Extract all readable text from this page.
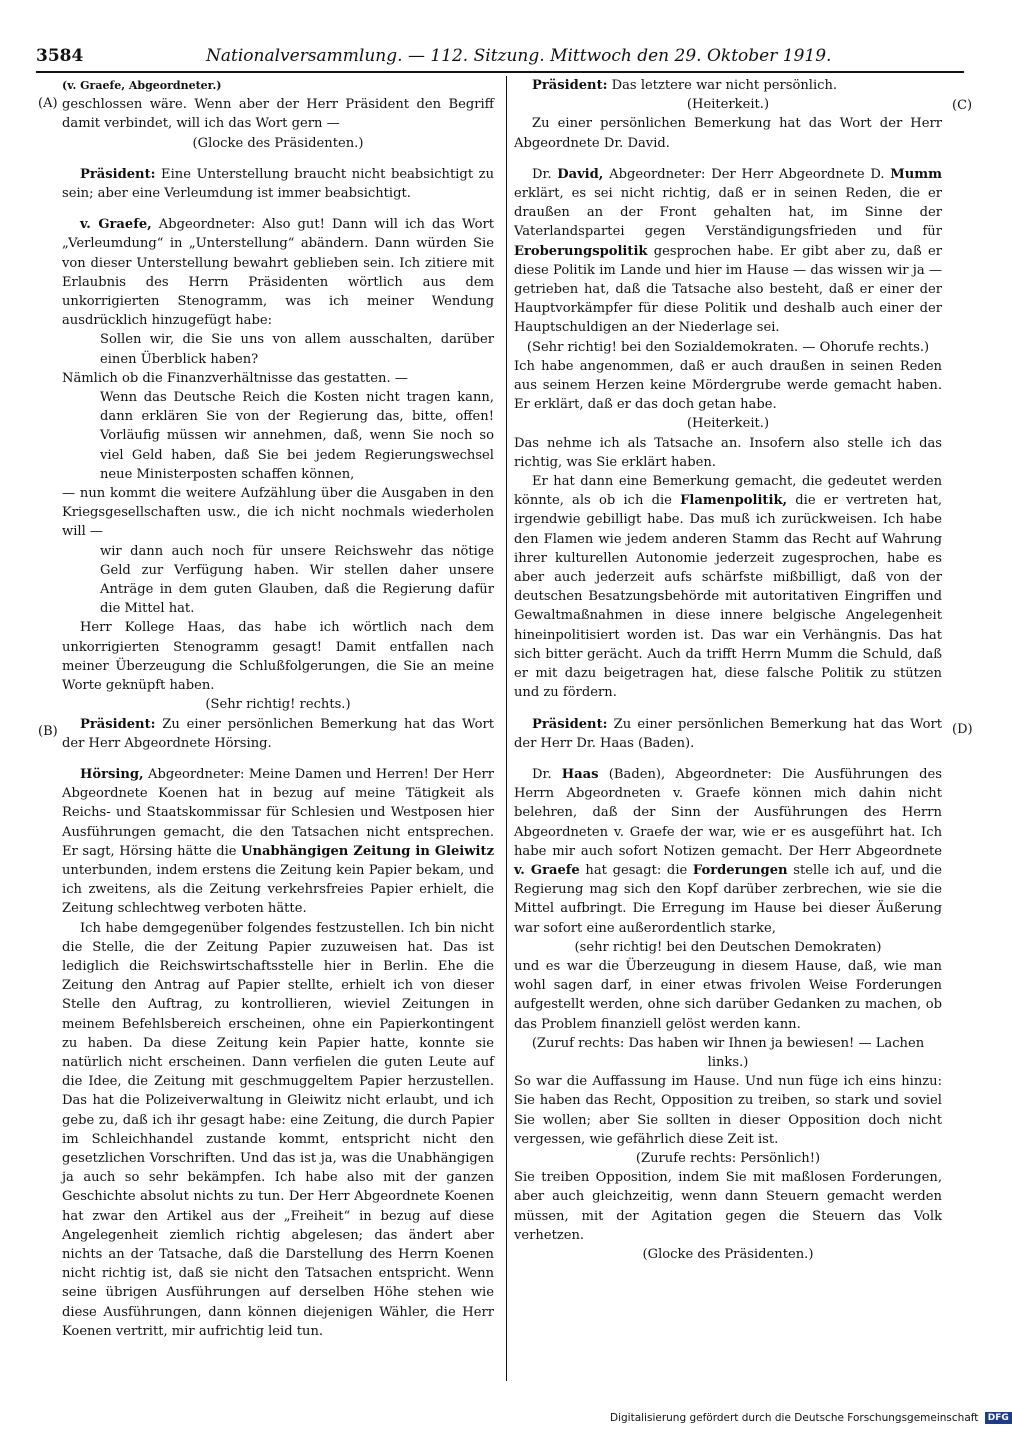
3584	Nationalversammlung. — 112. Sitzung. Mittwoch den 29. Oktober 1919.
(A)
(B)
(C)
(D)

(v. Graefe, Abgeordneter.)

geschlossen wäre. Wenn aber der Herr Präsident den Begriff damit verbindet, will ich das Wort gern —

(Glocke des Präsidenten.)

Präsident: Eine Unterstellung braucht nicht beabsichtigt zu sein; aber eine Verleumdung ist immer beabsichtigt.

v. Graefe, Abgeordneter: Also gut! Dann will ich das Wort „Verleumdung“ in „Unterstellung“ abändern. Dann würden Sie von dieser Unterstellung bewahrt geblieben sein. Ich zitiere mit Erlaubnis des Herrn Präsidenten wörtlich aus dem unkorrigierten Stenogramm, was ich meiner Wendung ausdrücklich hinzugefügt habe:

Sollen wir, die Sie uns von allem ausschalten, darüber einen Überblick haben?

Nämlich ob die Finanzverhältnisse das gestatten. —

Wenn das Deutsche Reich die Kosten nicht tragen kann, dann erklären Sie von der Regierung das, bitte, offen! Vorläufig müssen wir annehmen, daß, wenn Sie noch so viel Geld haben, daß Sie bei jedem Regierungswechsel neue Ministerposten schaffen können,

— nun kommt die weitere Aufzählung über die Ausgaben in den Kriegsgesellschaften usw., die ich nicht nochmals wiederholen will —

wir dann auch noch für unsere Reichswehr das nötige Geld zur Verfügung haben. Wir stellen daher unsere Anträge in dem guten Glauben, daß die Regierung dafür die Mittel hat.

Herr Kollege Haas, das habe ich wörtlich nach dem unkorrigierten Stenogramm gesagt! Damit entfallen nach meiner Überzeugung die Schlußfolgerungen, die Sie an meine Worte geknüpft haben.

(Sehr richtig! rechts.)

Präsident: Zu einer persönlichen Bemerkung hat das Wort der Herr Abgeordnete Hörsing.

Hörsing, Abgeordneter: Meine Damen und Herren! Der Herr Abgeordnete Koenen hat in bezug auf meine Tätigkeit als Reichs- und Staatskommissar für Schlesien und Westposen hier Ausführungen gemacht, die den Tatsachen nicht entsprechen. Er sagt, Hörsing hätte die Unabhängigen Zeitung in Gleiwitz unterbunden, indem erstens die Zeitung kein Papier bekam, und ich zweitens, als die Zeitung verkehrsfreies Papier erhielt, die Zeitung schlechtweg verboten hätte.

Ich habe demgegenüber folgendes festzustellen. Ich bin nicht die Stelle, die der Zeitung Papier zuzuweisen hat. Das ist lediglich die Reichswirtschaftsstelle hier in Berlin. Ehe die Zeitung den Antrag auf Papier stellte, erhielt ich von dieser Stelle den Auftrag, zu kontrollieren, wieviel Zeitungen in meinem Befehlsbereich erscheinen, ohne ein Papierkontingent zu haben. Da diese Zeitung kein Papier hatte, konnte sie natürlich nicht erscheinen. Dann verfielen die guten Leute auf die Idee, die Zeitung mit geschmuggeltem Papier herzustellen. Das hat die Polizeiverwaltung in Gleiwitz nicht erlaubt, und ich gebe zu, daß ich ihr gesagt habe: eine Zeitung, die durch Papier im Schleichhandel zustande kommt, entspricht nicht den gesetzlichen Vorschriften. Und das ist ja, was die Unabhängigen ja auch so sehr bekämpfen. Ich habe also mit der ganzen Geschichte absolut nichts zu tun. Der Herr Abgeordnete Koenen hat zwar den Artikel aus der „Freiheit“ in bezug auf diese Angelegenheit ziemlich richtig abgelesen; das ändert aber nichts an der Tatsache, daß die Darstellung des Herrn Koenen nicht richtig ist, daß sie nicht den Tatsachen entspricht. Wenn seine übrigen Ausführungen auf derselben Höhe stehen wie diese Ausführungen, dann können diejenigen Wähler, die Herr Koenen vertritt, mir aufrichtig leid tun.

Präsident: Das letztere war nicht persönlich.

(Heiterkeit.)

Zu einer persönlichen Bemerkung hat das Wort der Herr Abgeordnete Dr. David.

Dr. David, Abgeordneter: Der Herr Abgeordnete D. Mumm erklärt, es sei nicht richtig, daß er in seinen Reden, die er draußen an der Front gehalten hat, im Sinne der Vaterlandspartei gegen Verständigungsfrieden und für Eroberungspolitik gesprochen habe. Er gibt aber zu, daß er diese Politik im Lande und hier im Hause — das wissen wir ja — getrieben hat, daß die Tatsache also besteht, daß er einer der Hauptvorkämpfer für diese Politik und deshalb auch einer der Hauptschuldigen an der Niederlage sei.

(Sehr richtig! bei den Sozialdemokraten. — Ohorufe rechts.)

Ich habe angenommen, daß er auch draußen in seinen Reden aus seinem Herzen keine Mördergrube werde gemacht haben. Er erklärt, daß er das doch getan habe.

(Heiterkeit.)

Das nehme ich als Tatsache an. Insofern also stelle ich das richtig, was Sie erklärt haben.

Er hat dann eine Bemerkung gemacht, die gedeutet werden könnte, als ob ich die Flamenpolitik, die er vertreten hat, irgendwie gebilligt habe. Das muß ich zurückweisen. Ich habe den Flamen wie jedem anderen Stamm das Recht auf Wahrung ihrer kulturellen Autonomie jederzeit zugesprochen, habe es aber auch jederzeit aufs schärfste mißbilligt, daß von der deutschen Besatzungsbehörde mit autoritativen Eingriffen und Gewaltmaßnahmen in diese innere belgische Angelegenheit hineinpolitisiert worden ist. Das war ein Verhängnis. Das hat sich bitter gerächt. Auch da trifft Herrn Mumm die Schuld, daß er mit dazu beigetragen hat, diese falsche Politik zu stützen und zu fördern.

Präsident: Zu einer persönlichen Bemerkung hat das Wort der Herr Dr. Haas (Baden).

Dr. Haas (Baden), Abgeordneter: Die Ausführungen des Herrn Abgeordneten v. Graefe können mich dahin nicht belehren, daß der Sinn der Ausführungen des Herrn Abgeordneten v. Graefe der war, wie er es ausgeführt hat. Ich habe mir auch sofort Notizen gemacht. Der Herr Abgeordnete v. Graefe hat gesagt: die Forderungen stelle ich auf, und die Regierung mag sich den Kopf darüber zerbrechen, wie sie die Mittel aufbringt. Die Erregung im Hause bei dieser Äußerung war sofort eine außerordentlich starke,

(sehr richtig! bei den Deutschen Demokraten)

und es war die Überzeugung in diesem Hause, daß, wie man wohl sagen darf, in einer etwas frivolen Weise Forderungen aufgestellt werden, ohne sich darüber Gedanken zu machen, ob das Problem finanziell gelöst werden kann.

(Zuruf rechts: Das haben wir Ihnen ja bewiesen! — Lachen links.)

So war die Auffassung im Hause. Und nun füge ich eins hinzu: Sie haben das Recht, Opposition zu treiben, so stark und soviel Sie wollen; aber Sie sollten in dieser Opposition doch nicht vergessen, wie gefährlich diese Zeit ist.

(Zurufe rechts: Persönlich!)

Sie treiben Opposition, indem Sie mit maßlosen Forderungen, aber auch gleichzeitig, wenn dann Steuern gemacht werden müssen, mit der Agitation gegen die Steuern das Volk verhetzen.

(Glocke des Präsidenten.)

Digitalisierung gefördert durch die Deutsche Forschungsgemeinschaft DFG
